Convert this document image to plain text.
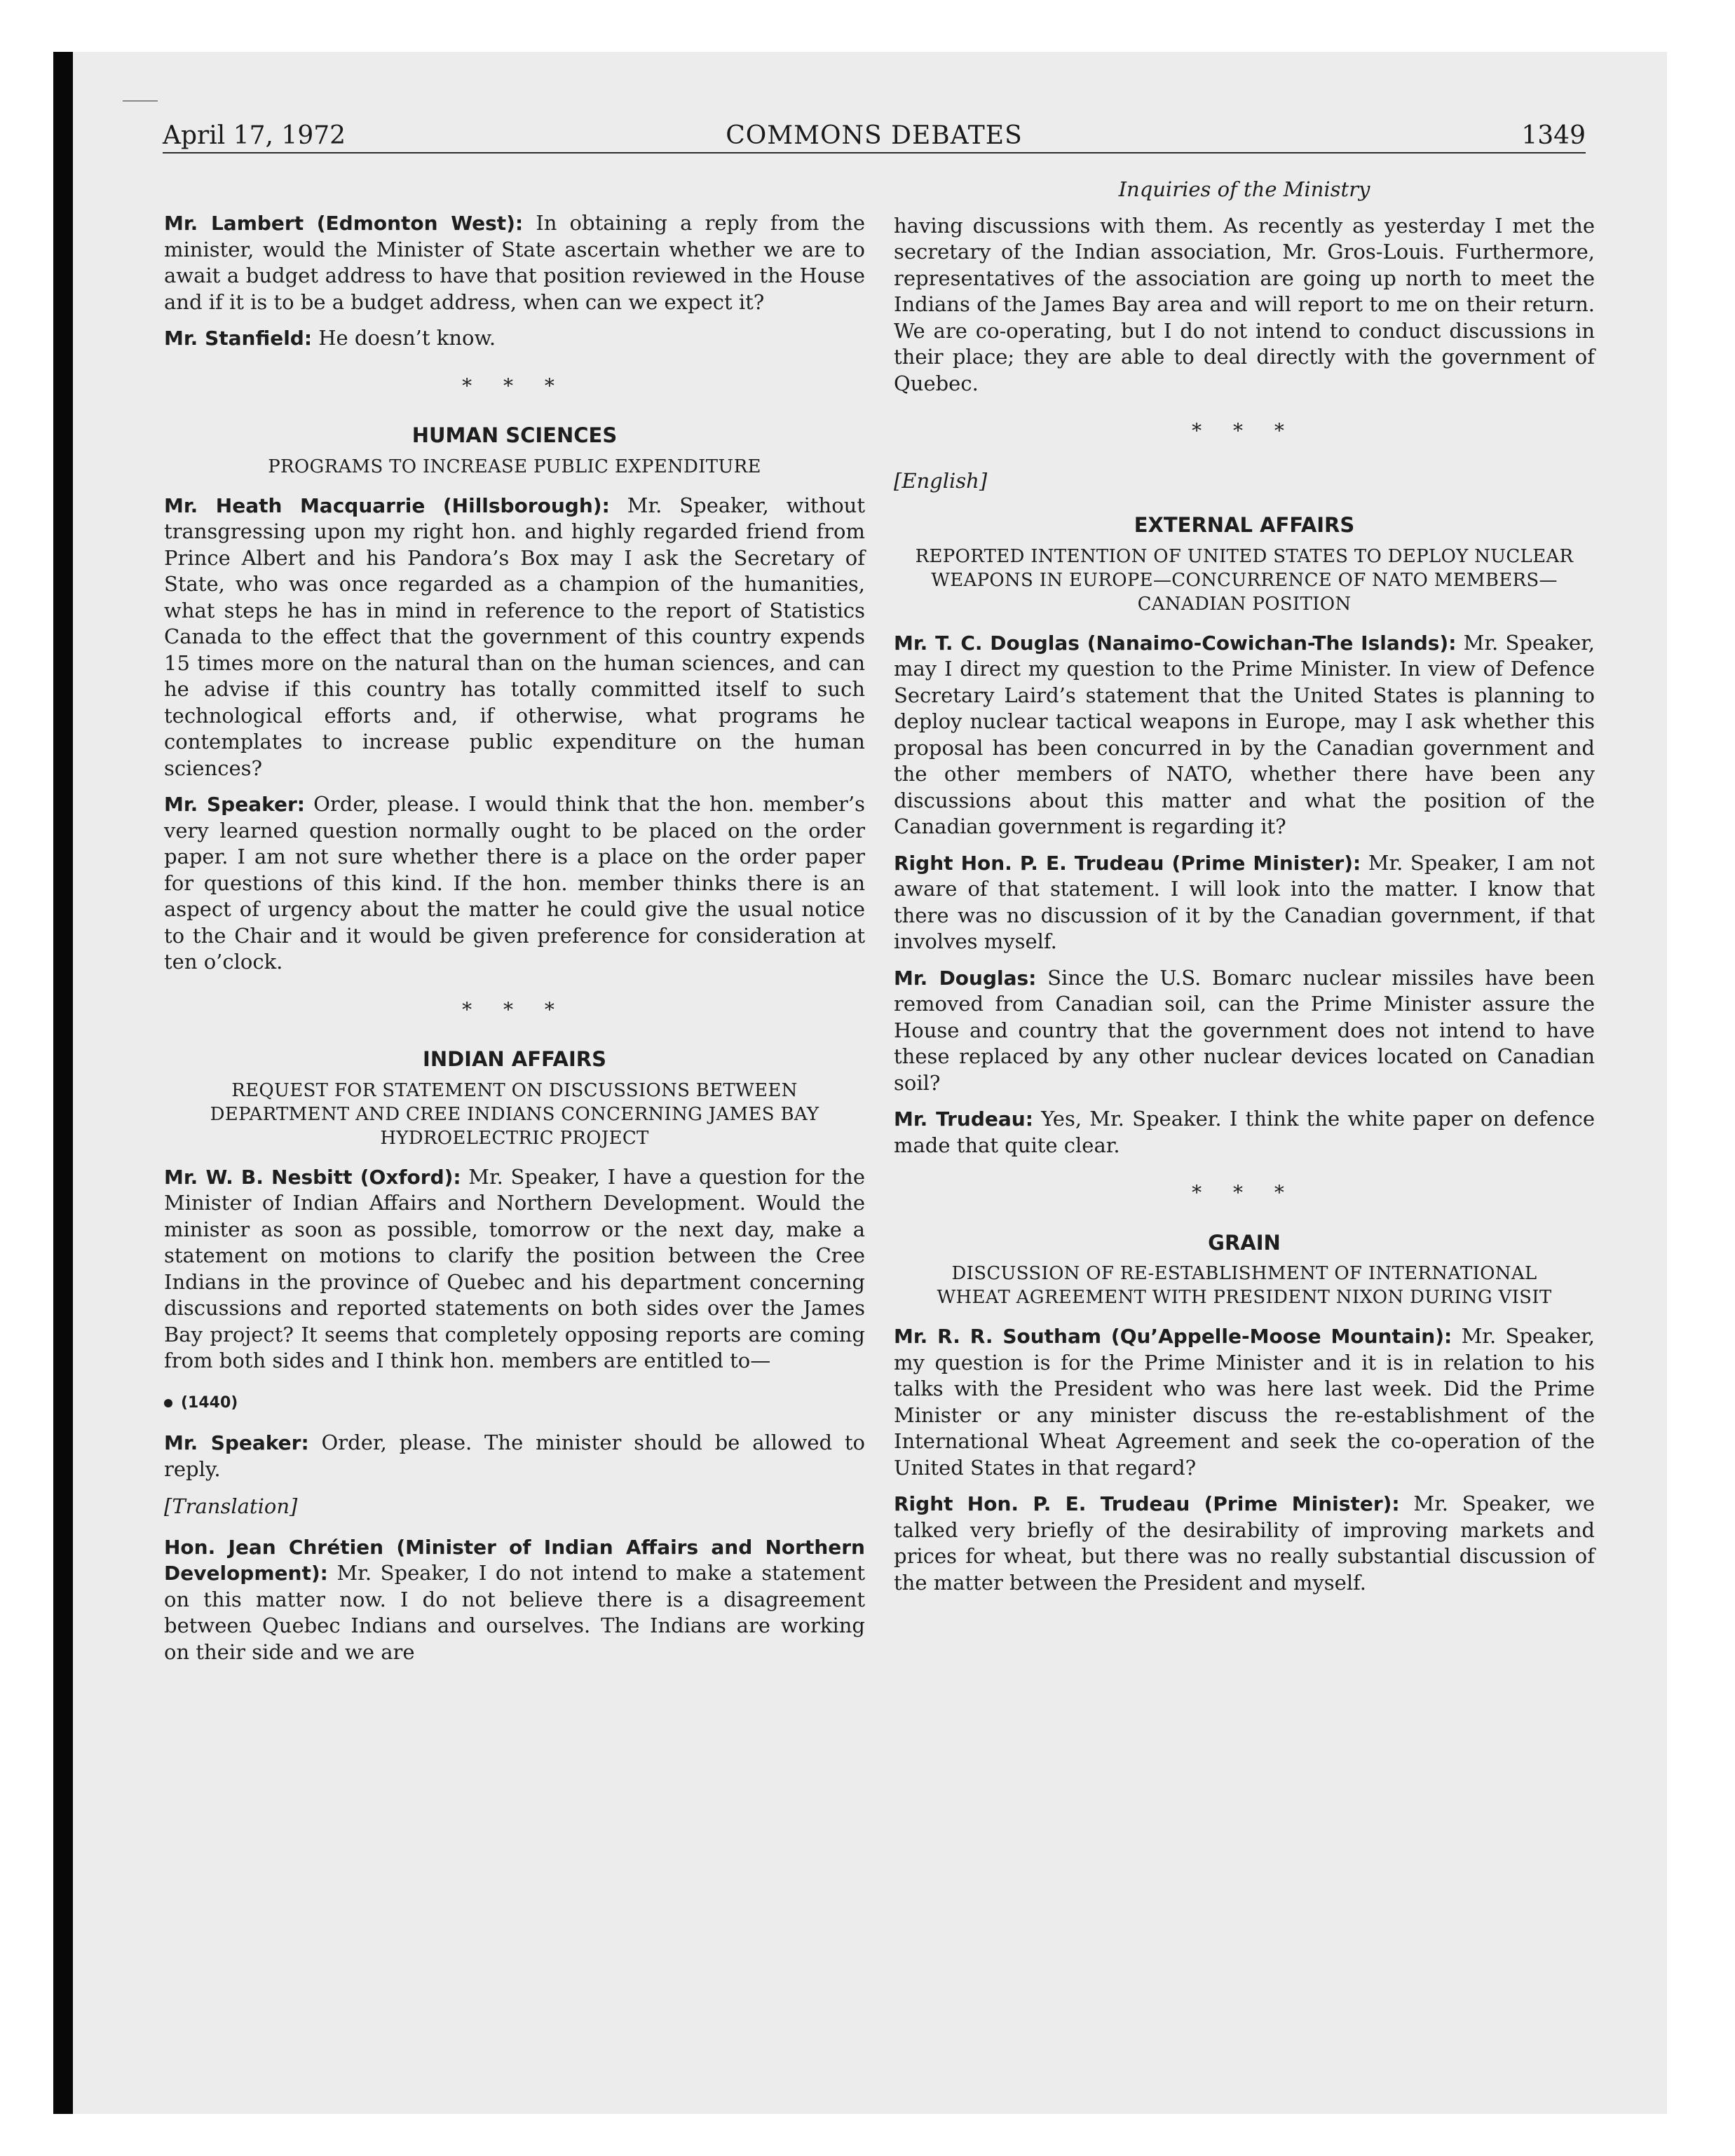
April 17, 1972	COMMONS DEBATES	1349

Mr. Lambert (Edmonton West): In obtaining a reply from the minister, would the Minister of State ascertain whether we are to await a budget address to have that position reviewed in the House and if it is to be a budget address, when can we expect it?

Mr. Stanfield: He doesn’t know.

* * *
HUMAN SCIENCES
PROGRAMS TO INCREASE PUBLIC EXPENDITURE

Mr. Heath Macquarrie (Hillsborough): Mr. Speaker, without transgressing upon my right hon. and highly regarded friend from Prince Albert and his Pandora’s Box may I ask the Secretary of State, who was once regarded as a champion of the humanities, what steps he has in mind in reference to the report of Statistics Canada to the effect that the government of this country expends 15 times more on the natural than on the human sciences, and can he advise if this country has totally committed itself to such technological efforts and, if otherwise, what programs he contemplates to increase public expenditure on the human sciences?

Mr. Speaker: Order, please. I would think that the hon. member’s very learned question normally ought to be placed on the order paper. I am not sure whether there is a place on the order paper for questions of this kind. If the hon. member thinks there is an aspect of urgency about the matter he could give the usual notice to the Chair and it would be given preference for consideration at ten o’clock.

* * *
INDIAN AFFAIRS
REQUEST FOR STATEMENT ON DISCUSSIONS BETWEEN DEPARTMENT AND CREE INDIANS CONCERNING JAMES BAY HYDROELECTRIC PROJECT

Mr. W. B. Nesbitt (Oxford): Mr. Speaker, I have a question for the Minister of Indian Affairs and Northern Development. Would the minister as soon as possible, tomorrow or the next day, make a statement on motions to clarify the position between the Cree Indians in the province of Quebec and his department concerning discussions and reported statements on both sides over the James Bay project? It seems that completely opposing reports are coming from both sides and I think hon. members are entitled to—

(1440)

Mr. Speaker: Order, please. The minister should be allowed to reply.

[Translation]

Hon. Jean Chrétien (Minister of Indian Affairs and Northern Development): Mr. Speaker, I do not intend to make a statement on this matter now. I do not believe there is a disagreement between Quebec Indians and ourselves. The Indians are working on their side and we are

Inquiries of the Ministry

having discussions with them. As recently as yesterday I met the secretary of the Indian association, Mr. Gros-Louis. Furthermore, representatives of the association are going up north to meet the Indians of the James Bay area and will report to me on their return. We are co-operating, but I do not intend to conduct discussions in their place; they are able to deal directly with the government of Quebec.

* * *
[English]
EXTERNAL AFFAIRS
REPORTED INTENTION OF UNITED STATES TO DEPLOY NUCLEAR WEAPONS IN EUROPE—CONCURRENCE OF NATO MEMBERS—CANADIAN POSITION

Mr. T. C. Douglas (Nanaimo-Cowichan-The Islands): Mr. Speaker, may I direct my question to the Prime Minister. In view of Defence Secretary Laird’s statement that the United States is planning to deploy nuclear tactical weapons in Europe, may I ask whether this proposal has been concurred in by the Canadian government and the other members of NATO, whether there have been any discussions about this matter and what the position of the Canadian government is regarding it?

Right Hon. P. E. Trudeau (Prime Minister): Mr. Speaker, I am not aware of that statement. I will look into the matter. I know that there was no discussion of it by the Canadian government, if that involves myself.

Mr. Douglas: Since the U.S. Bomarc nuclear missiles have been removed from Canadian soil, can the Prime Minister assure the House and country that the government does not intend to have these replaced by any other nuclear devices located on Canadian soil?

Mr. Trudeau: Yes, Mr. Speaker. I think the white paper on defence made that quite clear.

* * *
GRAIN
DISCUSSION OF RE-ESTABLISHMENT OF INTERNATIONAL WHEAT AGREEMENT WITH PRESIDENT NIXON DURING VISIT

Mr. R. R. Southam (Qu’Appelle-Moose Mountain): Mr. Speaker, my question is for the Prime Minister and it is in relation to his talks with the President who was here last week. Did the Prime Minister or any minister discuss the re-establishment of the International Wheat Agreement and seek the co-operation of the United States in that regard?

Right Hon. P. E. Trudeau (Prime Minister): Mr. Speaker, we talked very briefly of the desirability of improving markets and prices for wheat, but there was no really substantial discussion of the matter between the President and myself.
